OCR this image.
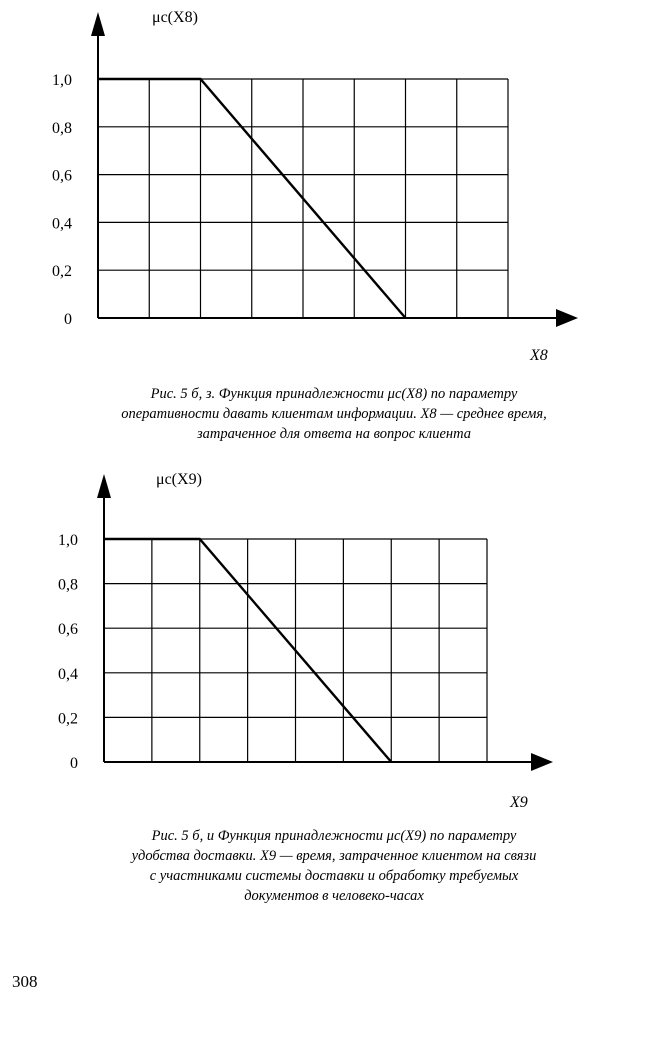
1,0
0,8
0,6
0,4
0,2
0
μc(X8)
X8
Рис. 5 б, з. Функция принадлежности μc(X8) по параметру
оперативности давать клиентам информации. X8 — среднее время,
затраченное для ответа на вопрос клиента
1,0
0,8
0,6
0,4
0,2
0
μc(X9)
X9
Рис. 5 б, и Функция принадлежности μc(X9) по параметру
удобства доставки. X9 — время, затраченное клиентом на связи
с участниками системы доставки и обработку требуемых
документов в человеко-часах
308
